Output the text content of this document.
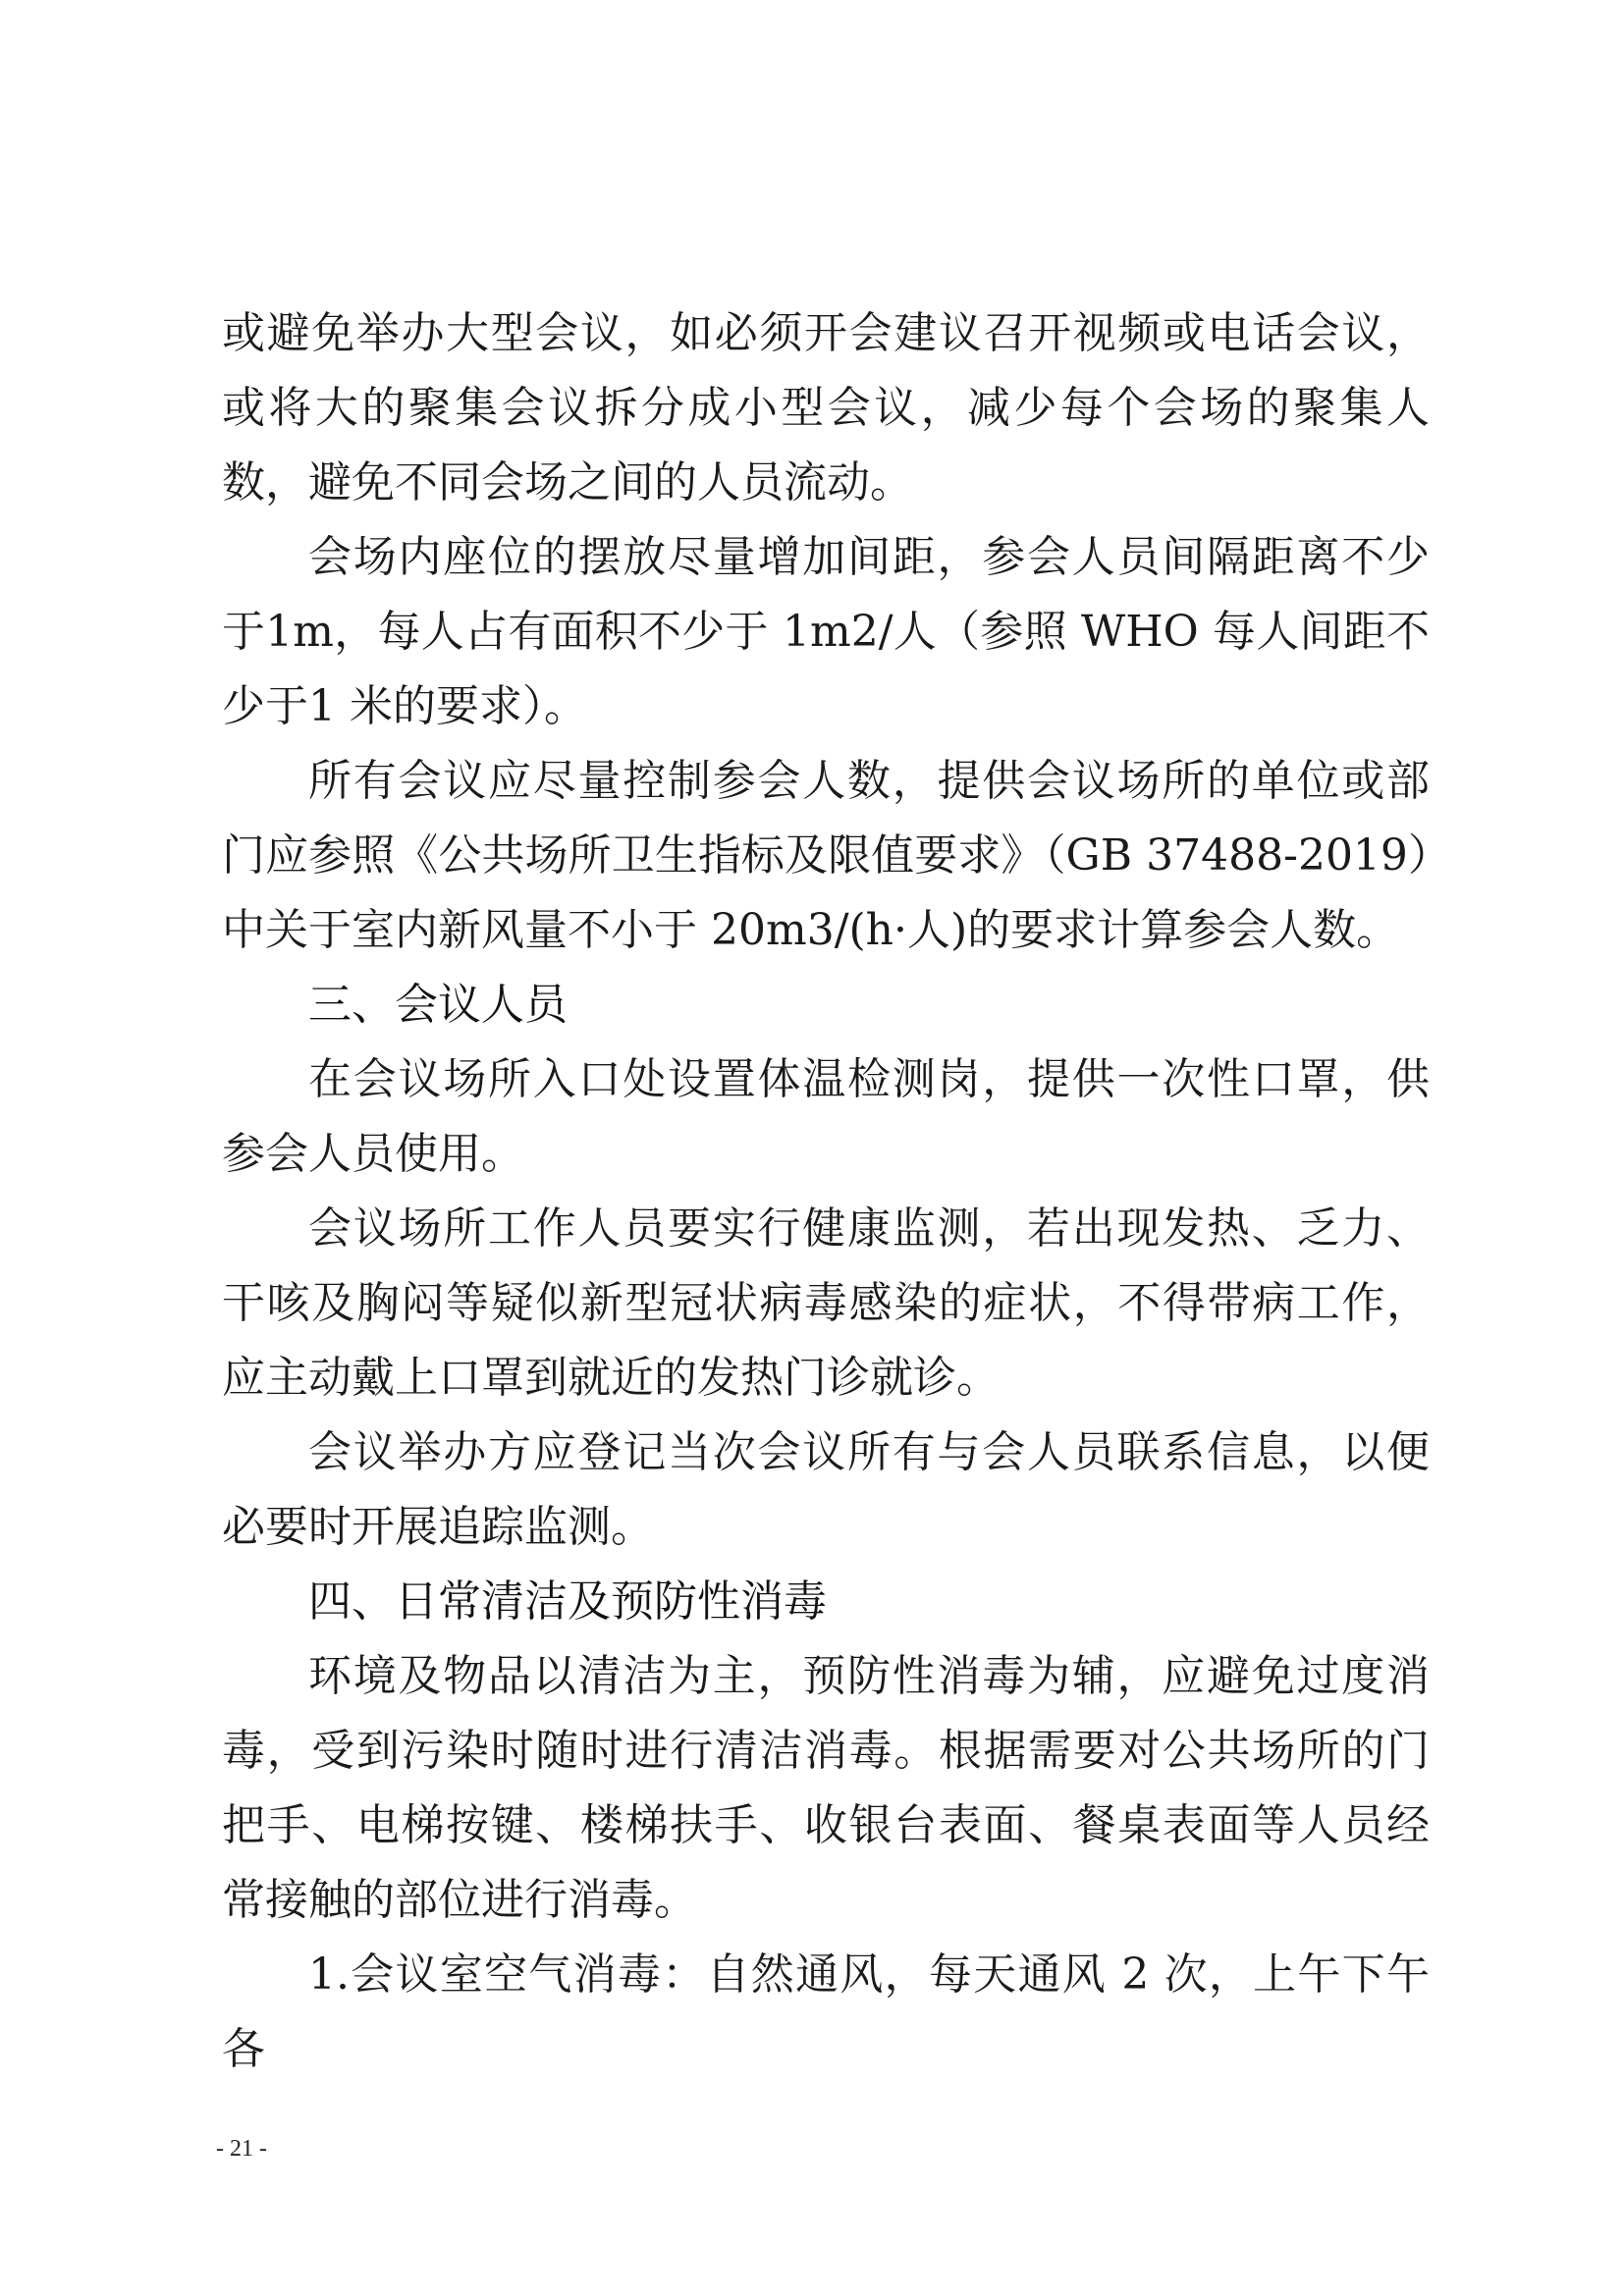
或避免举办大型会议，如必须开会建议召开视频或电话会议，或将大的聚集会议拆分成小型会议，减少每个会场的聚集人数，避免不同会场之间的人员流动。

会场内座位的摆放尽量增加间距，参会人员间隔距离不少于1m，每人占有面积不少于 1m2/人（参照 WHO 每人间距不少于1 米的要求）。

所有会议应尽量控制参会人数，提供会议场所的单位或部门应参照《公共场所卫生指标及限值要求》（GB 37488-2019）中关于室内新风量不小于 20m3/(h·人)的要求计算参会人数。

三、会议人员

在会议场所入口处设置体温检测岗，提供一次性口罩，供参会人员使用。

会议场所工作人员要实行健康监测，若出现发热、乏力、干咳及胸闷等疑似新型冠状病毒感染的症状，不得带病工作，应主动戴上口罩到就近的发热门诊就诊。

会议举办方应登记当次会议所有与会人员联系信息，以便必要时开展追踪监测。

四、日常清洁及预防性消毒

环境及物品以清洁为主，预防性消毒为辅，应避免过度消毒，受到污染时随时进行清洁消毒。根据需要对公共场所的门把手、电梯按键、楼梯扶手、收银台表面、餐桌表面等人员经常接触的部位进行消毒。

1.会议室空气消毒：自然通风，每天通风 2 次，上午下午各

- 21 -
